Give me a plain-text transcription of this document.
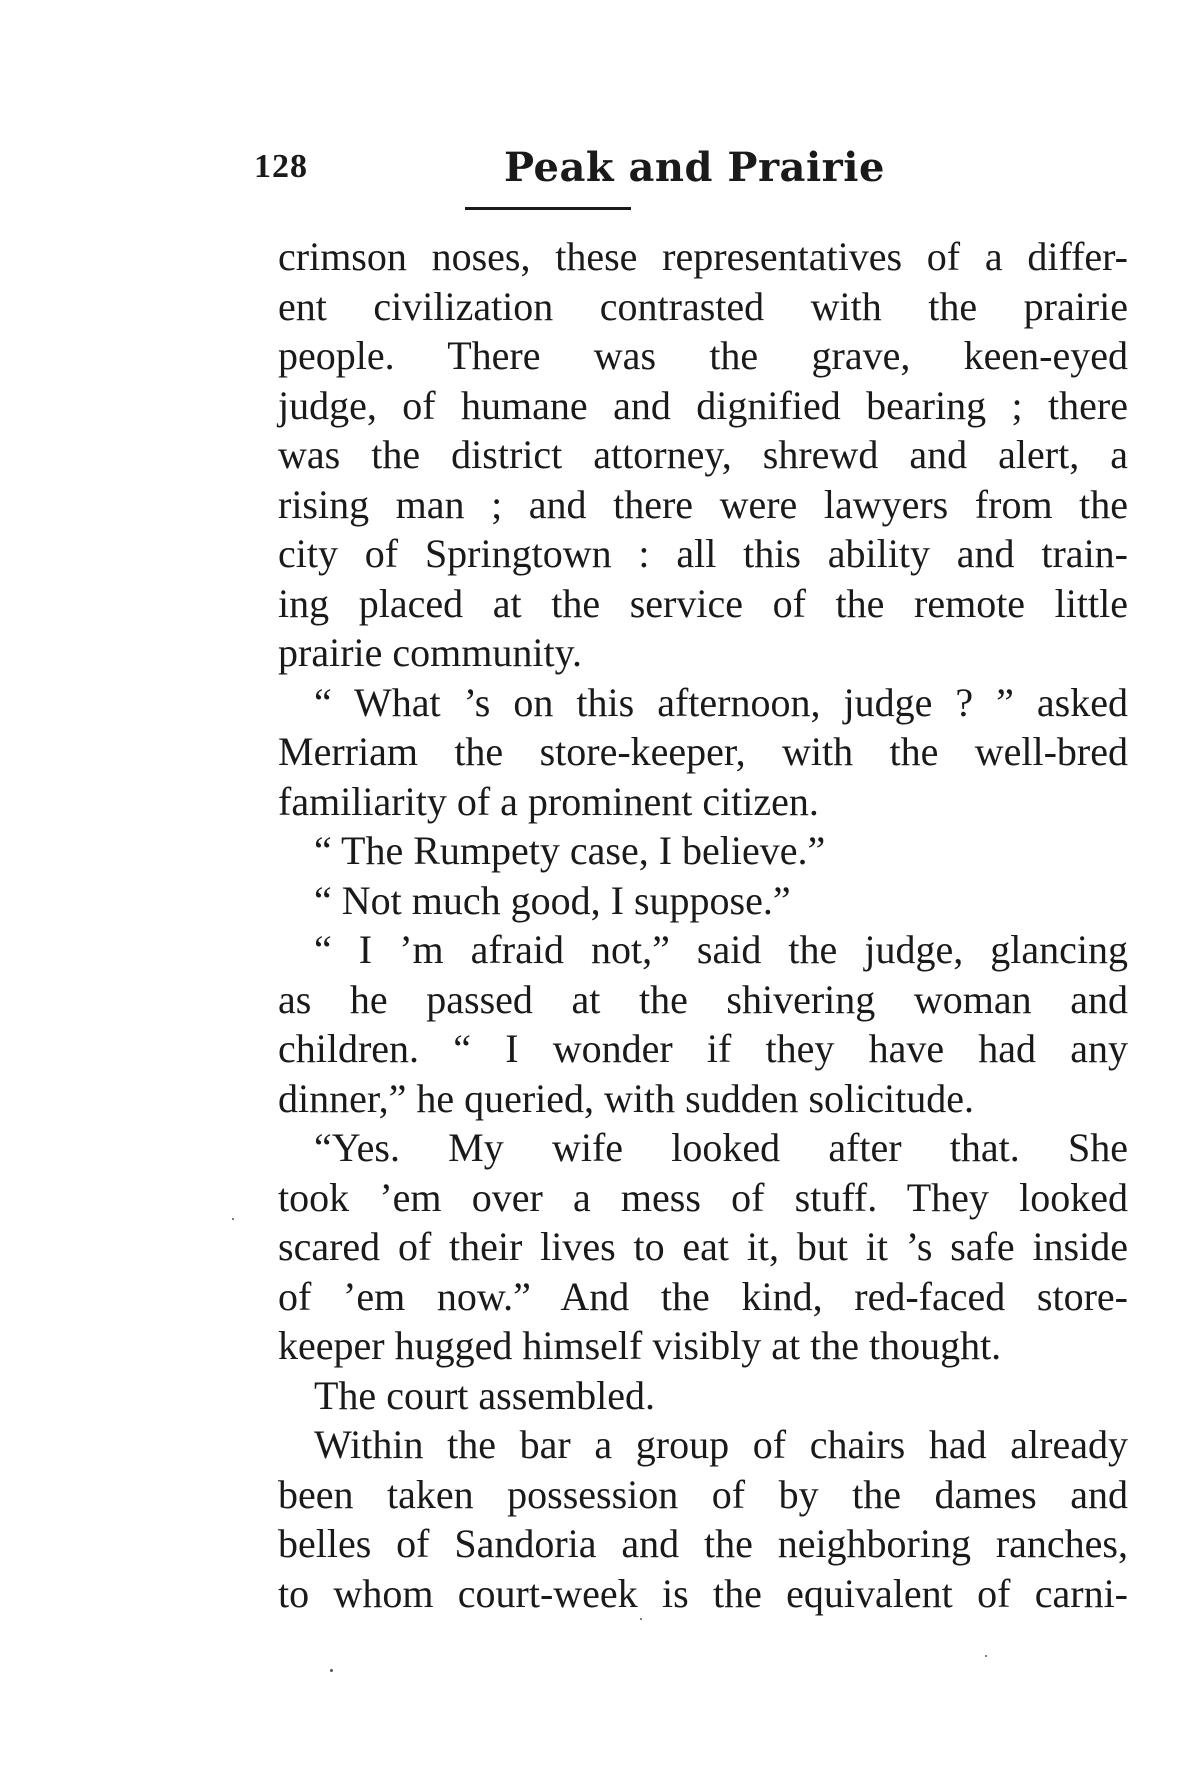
128	Peak and Prairie
crimson noses, these representatives of a differ-
ent civilization contrasted with the prairie
people. There was the grave, keen-eyed
judge, of humane and dignified bearing ; there
was the district attorney, shrewd and alert, a
rising man ; and there were lawyers from the
city of Springtown : all this ability and train-
ing placed at the service of the remote little
prairie community.
“ What ’s on this afternoon, judge ? ” asked
Merriam the store-keeper, with the well-bred
familiarity of a prominent citizen.
“ The Rumpety case, I believe.”
“ Not much good, I suppose.”
“ I ’m afraid not,” said the judge, glancing
as he passed at the shivering woman and
children. “ I wonder if they have had any
dinner,” he queried, with sudden solicitude.
“Yes. My wife looked after that. She
took ’em over a mess of stuff. They looked
scared of their lives to eat it, but it ’s safe inside
of ’em now.” And the kind, red-faced store-
keeper hugged himself visibly at the thought.
The court assembled.
Within the bar a group of chairs had already
been taken possession of by the dames and
belles of Sandoria and the neighboring ranches,
to whom court-week is the equivalent of carni-
